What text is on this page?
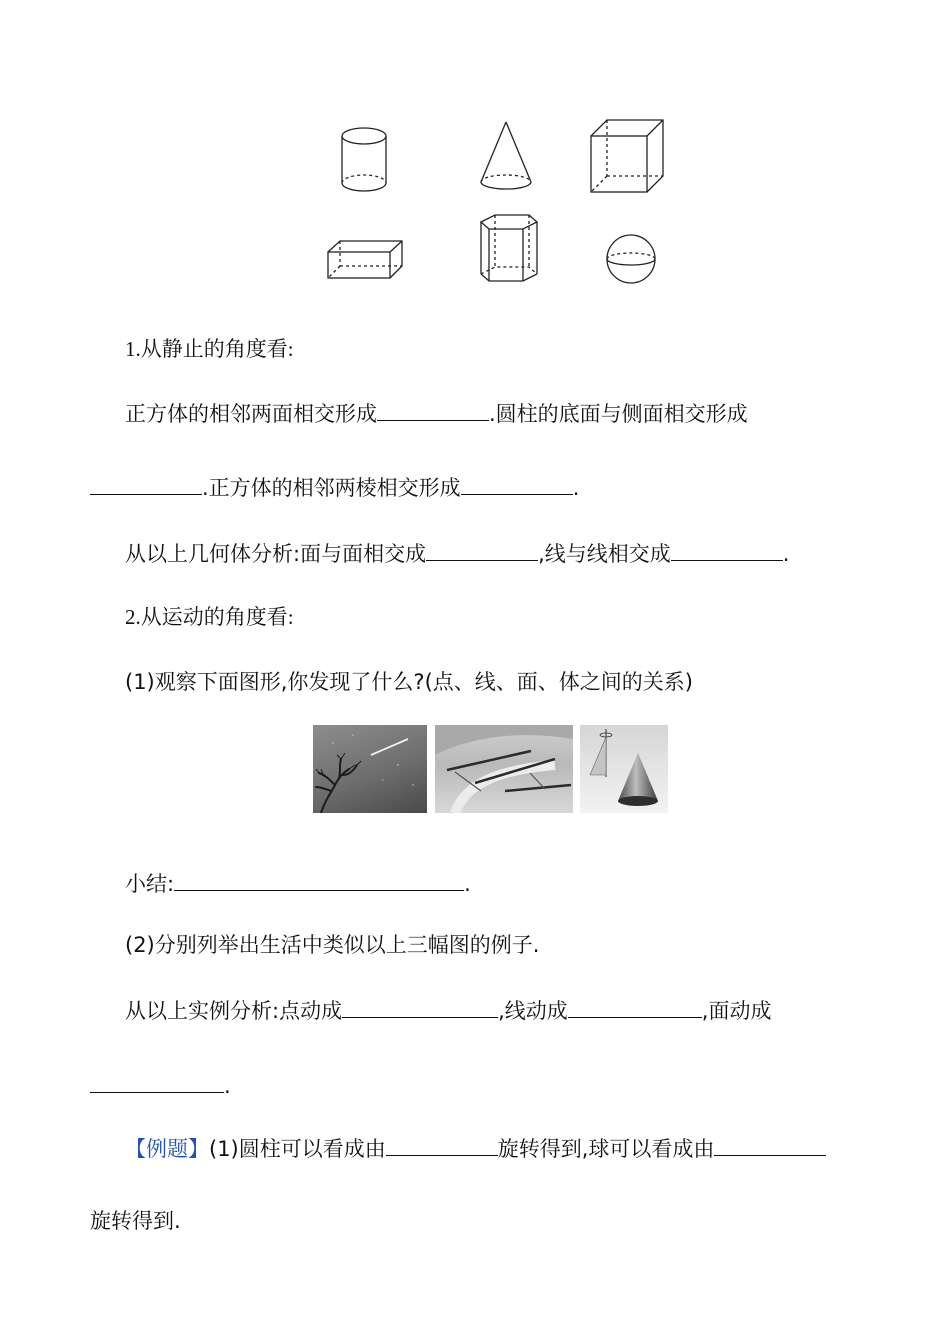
1.从静止的角度看:
正方体的相邻两面相交形成	.圆柱的底面与侧面相交形成
.正方体的相邻两棱相交形成	.
从以上几何体分析:面与面相交成	,线与线相交成	.
2.从运动的角度看:
(1)观察下面图形,你发现了什么?(点、线、面、体之间的关系)
小结:	.
(2)分别列举出生活中类似以上三幅图的例子.
从以上实例分析:点动成	,线动成	,面动成
.
【例题】(1)圆柱可以看成由	旋转得到,球可以看成由
旋转得到.
